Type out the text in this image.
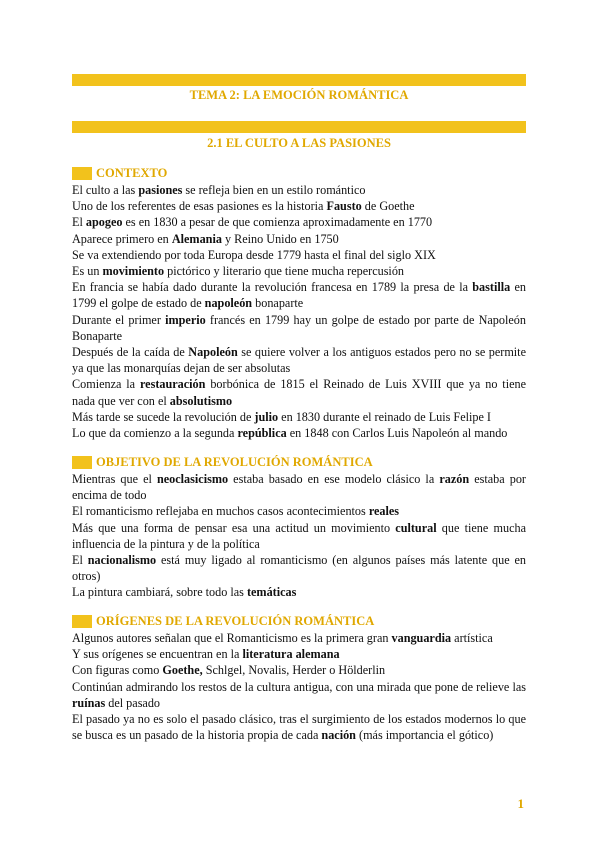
TEMA 2: LA EMOCIÓN ROMÁNTICA
2.1 EL CULTO A LAS PASIONES
CONTEXTO
El culto a las pasiones se refleja bien en un estilo romántico
Uno de los referentes de esas pasiones es la historia Fausto de Goethe
El apogeo es en 1830 a pesar de que comienza aproximadamente en 1770
Aparece primero en Alemania y Reino Unido en 1750
Se va extendiendo por toda Europa desde 1779 hasta el final del siglo XIX
Es un movimiento pictórico y literario que tiene mucha repercusión
En francia se había dado durante la revolución francesa en 1789 la presa de la bastilla en 1799 el golpe de estado de napoleón bonaparte
Durante el primer imperio francés en 1799 hay un golpe de estado por parte de Napoleón Bonaparte
Después de la caída de Napoleón se quiere volver a los antiguos estados pero no se permite ya que las monarquías dejan de ser absolutas
Comienza la restauración borbónica de 1815 el Reinado de Luis XVIII que ya no tiene nada que ver con el absolutismo
Más tarde se sucede la revolución de julio en 1830 durante el reinado de Luis Felipe I
Lo que da comienzo a la segunda república en 1848 con Carlos Luis Napoleón al mando
OBJETIVO DE LA REVOLUCIÓN ROMÁNTICA
Mientras que el neoclasicismo estaba basado en ese modelo clásico la razón estaba por encima de todo
El romanticismo reflejaba en muchos casos acontecimientos reales
Más que una forma de pensar esa una actitud un movimiento cultural que tiene mucha influencia de la pintura y de la política
El nacionalismo está muy ligado al romanticismo (en algunos países más latente que en otros)
La pintura cambiará, sobre todo las temáticas
ORÍGENES DE LA REVOLUCIÓN ROMÁNTICA
Algunos autores señalan que el Romanticismo es la primera gran vanguardia artística
Y sus orígenes se encuentran en la literatura alemana
Con figuras como Goethe, Schlgel, Novalis, Herder o Hölderlin
Continúan admirando los restos de la cultura antigua, con una mirada que pone de relieve las ruínas del pasado
El pasado ya no es solo el pasado clásico, tras el surgimiento de los estados modernos lo que se busca es un pasado de la historia propia de cada nación (más importancia el gótico)
1
